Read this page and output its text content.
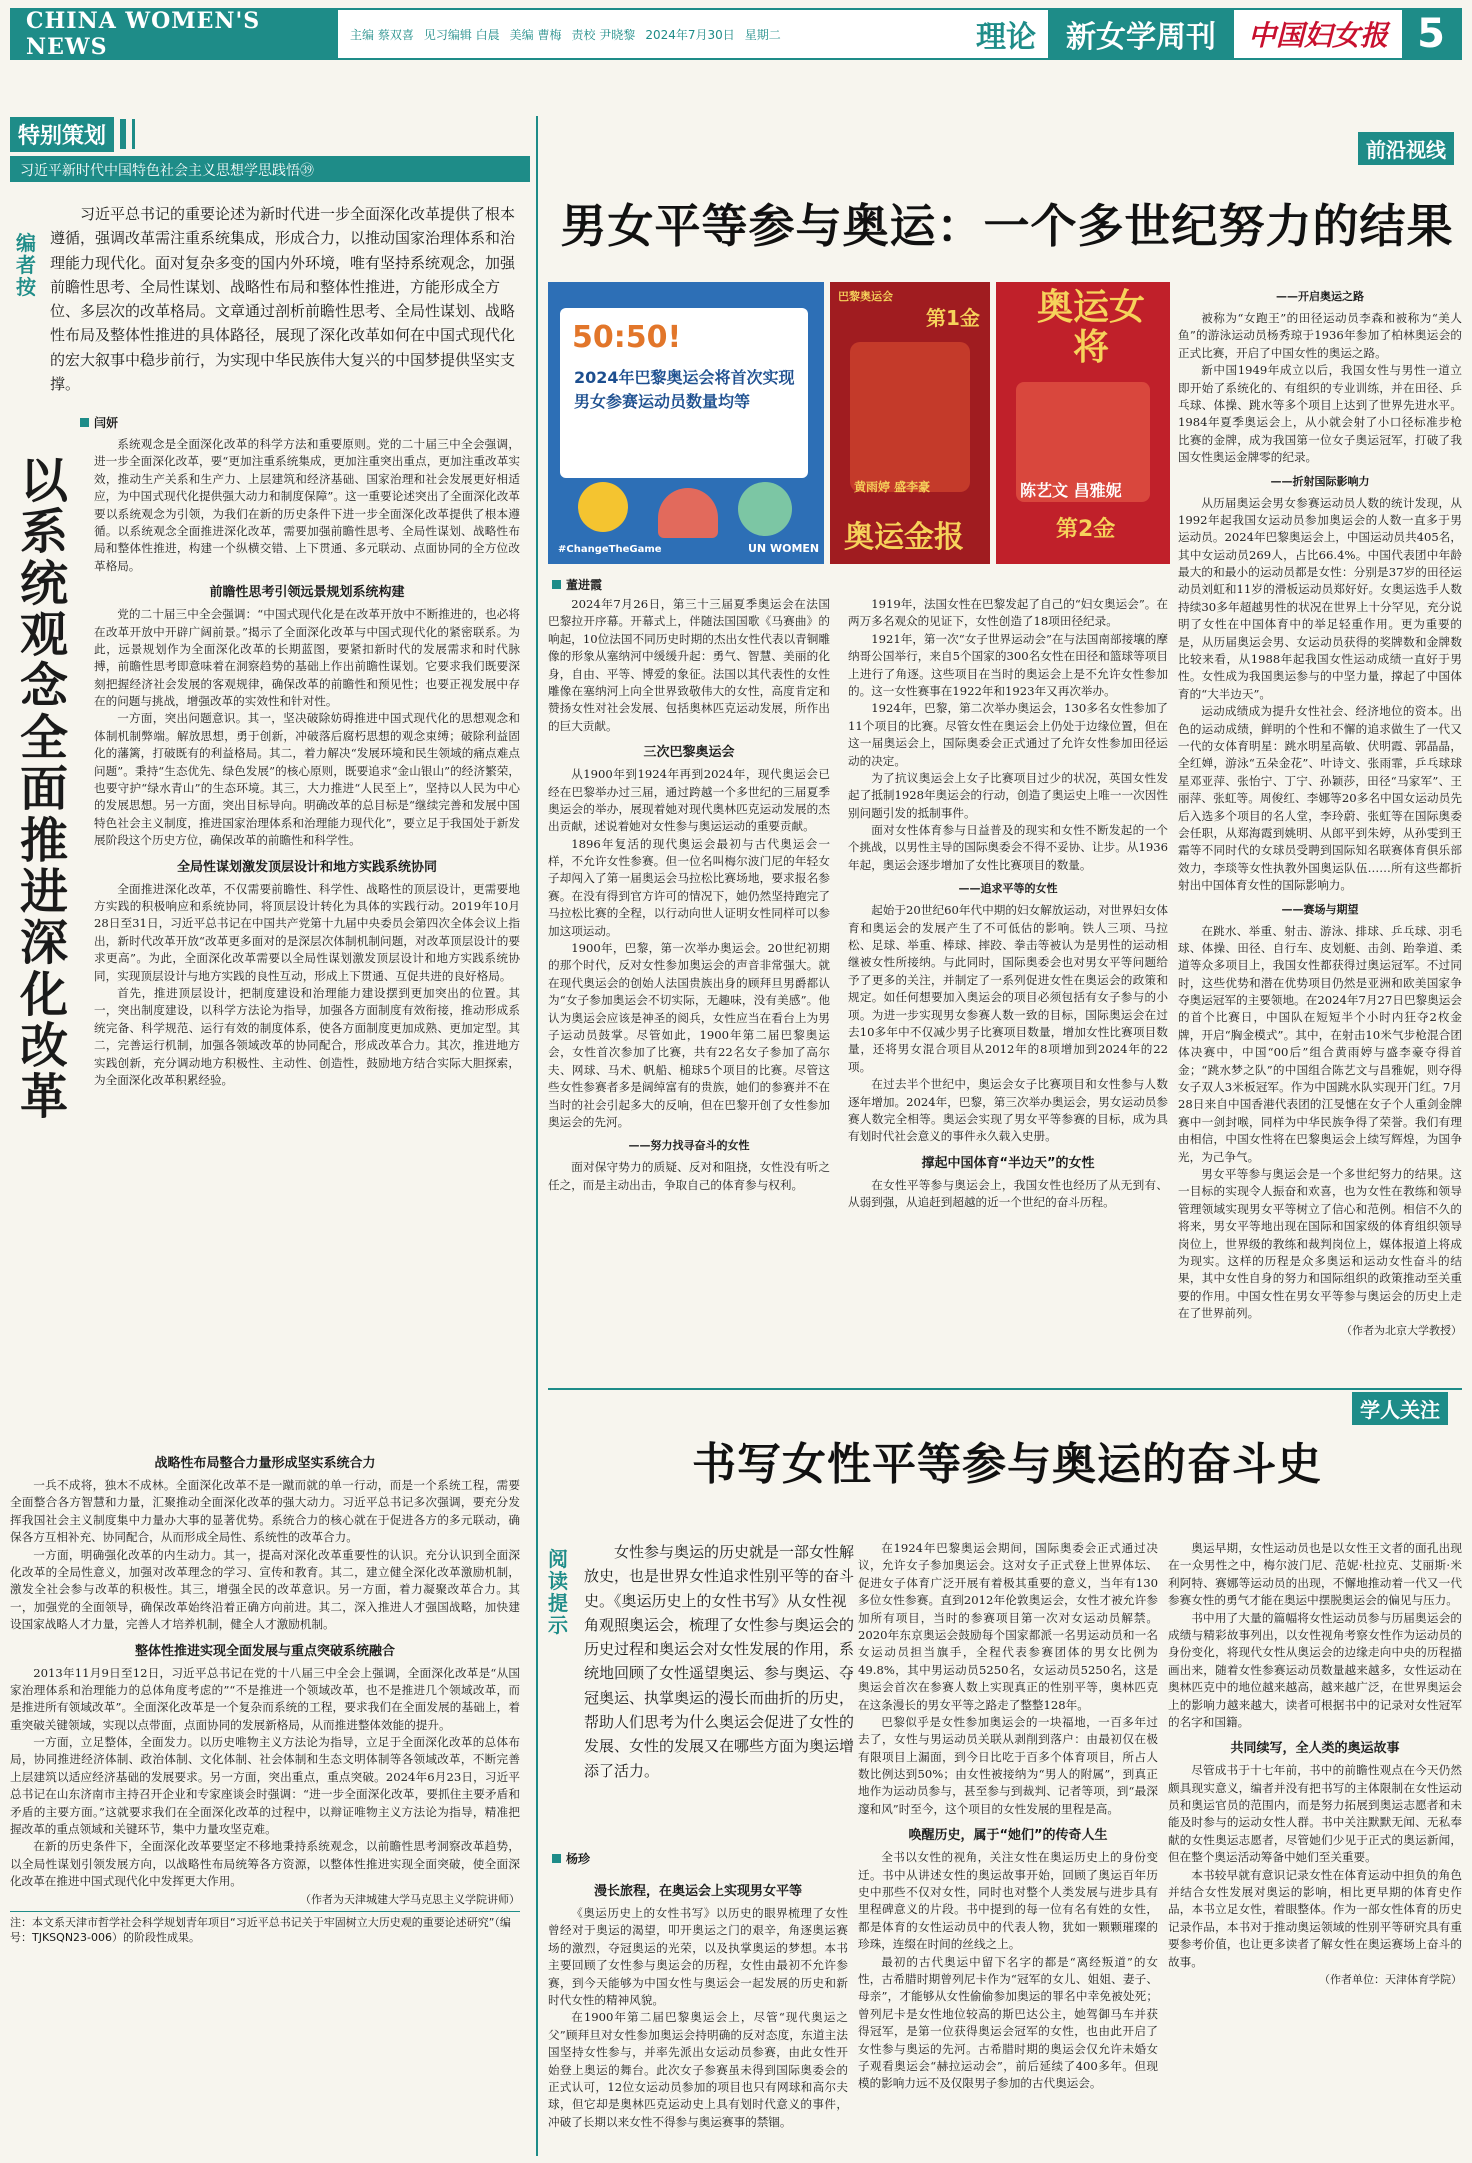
CHINA WOMEN'S NEWS	主编 蔡双喜 见习编辑 白晨 美编 曹梅 责校 尹晓黎 2024年7月30日 星期二	理论	新女学周刊	中国妇女报 5
特别策划
习近平新时代中国特色社会主义思想学思践悟㊴
编者按
习近平总书记的重要论述为新时代进一步全面深化改革提供了根本遵循，强调改革需注重系统集成，形成合力，以推动国家治理体系和治理能力现代化。面对复杂多变的国内外环境，唯有坚持系统观念，加强前瞻性思考、全局性谋划、战略性布局和整体性推进，方能形成全方位、多层次的改革格局。文章通过剖析前瞻性思考、全局性谋划、战略性布局及整体性推进的具体路径，展现了深化改革如何在中国式现代化的宏大叙事中稳步前行，为实现中华民族伟大复兴的中国梦提供坚实支撑。
闫妍
以系统观念全面推进深化改革

系统观念是全面深化改革的科学方法和重要原则。党的二十届三中全会强调，进一步全面深化改革，要“更加注重系统集成，更加注重突出重点，更加注重改革实效，推动生产关系和生产力、上层建筑和经济基础、国家治理和社会发展更好相适应，为中国式现代化提供强大动力和制度保障”。这一重要论述突出了全面深化改革要以系统观念为引领，为我们在新的历史条件下进一步全面深化改革提供了根本遵循。以系统观念全面推进深化改革，需要加强前瞻性思考、全局性谋划、战略性布局和整体性推进，构建一个纵横交错、上下贯通、多元联动、点面协同的全方位改革格局。

前瞻性思考引领远景规划系统构建

党的二十届三中全会强调：“中国式现代化是在改革开放中不断推进的，也必将在改革开放中开辟广阔前景。”揭示了全面深化改革与中国式现代化的紧密联系。为此，远景规划作为全面深化改革的长期蓝图，要紧扣新时代的发展需求和时代脉搏，前瞻性思考即意味着在洞察趋势的基础上作出前瞻性谋划。它要求我们既要深刻把握经济社会发展的客观规律，确保改革的前瞻性和预见性；也要正视发展中存在的问题与挑战，增强改革的实效性和针对性。

一方面，突出问题意识。其一，坚决破除妨碍推进中国式现代化的思想观念和体制机制弊端。解放思想，勇于创新，冲破落后腐朽思想的观念束缚；破除利益固化的藩篱，打破既有的利益格局。其二，着力解决“发展环境和民生领域的痛点难点问题”。秉持“生态优先、绿色发展”的核心原则，既要追求“金山银山”的经济繁荣，也要守护“绿水青山”的生态环境。其三，大力推进“人民至上”，坚持以人民为中心的发展思想。另一方面，突出目标导向。明确改革的总目标是“继续完善和发展中国特色社会主义制度，推进国家治理体系和治理能力现代化”，要立足于我国处于新发展阶段这个历史方位，确保改革的前瞻性和科学性。

全局性谋划激发顶层设计和地方实践系统协同

全面推进深化改革，不仅需要前瞻性、科学性、战略性的顶层设计，更需要地方实践的积极响应和系统协同，将顶层设计转化为具体的实践行动。2019年10月28日至31日，习近平总书记在中国共产党第十九届中央委员会第四次全体会议上指出，新时代改革开放“改革更多面对的是深层次体制机制问题，对改革顶层设计的要求更高”。为此，全面深化改革需要以全局性谋划激发顶层设计和地方实践系统协同，实现顶层设计与地方实践的良性互动，形成上下贯通、互促共进的良好格局。

首先，推进顶层设计，把制度建设和治理能力建设摆到更加突出的位置。其一，突出制度建设，以科学方法论为指导，加强各方面制度有效衔接，推动形成系统完备、科学规范、运行有效的制度体系，使各方面制度更加成熟、更加定型。其二，完善运行机制，加强各领域改革的协同配合，形成改革合力。其次，推进地方实践创新，充分调动地方积极性、主动性、创造性，鼓励地方结合实际大胆探索，为全面深化改革积累经验。

战略性布局整合力量形成坚实系统合力

一兵不成将，独木不成林。全面深化改革不是一蹴而就的单一行动，而是一个系统工程，需要全面整合各方智慧和力量，汇聚推动全面深化改革的强大动力。习近平总书记多次强调，要充分发挥我国社会主义制度集中力量办大事的显著优势。系统合力的核心就在于促进各方的多元联动，确保各方互相补充、协同配合，从而形成全局性、系统性的改革合力。

一方面，明确强化改革的内生动力。其一，提高对深化改革重要性的认识。充分认识到全面深化改革的全局性意义，加强对改革理念的学习、宣传和教育。其二，建立健全深化改革激励机制，激发全社会参与改革的积极性。其三，增强全民的改革意识。另一方面，着力凝聚改革合力。其一，加强党的全面领导，确保改革始终沿着正确方向前进。其二，深入推进人才强国战略，加快建设国家战略人才力量，完善人才培养机制，健全人才激励机制。

整体性推进实现全面发展与重点突破系统融合

2013年11月9日至12日，习近平总书记在党的十八届三中全会上强调，全面深化改革是“从国家治理体系和治理能力的总体角度考虑的”“不是推进一个领域改革，也不是推进几个领域改革，而是推进所有领域改革”。全面深化改革是一个复杂而系统的工程，要求我们在全面发展的基础上，着重突破关键领域，实现以点带面，点面协同的发展新格局，从而推进整体效能的提升。

一方面，立足整体，全面发力。以历史唯物主义方法论为指导，立足于全面深化改革的总体布局，协同推进经济体制、政治体制、文化体制、社会体制和生态文明体制等各领域改革，不断完善上层建筑以适应经济基础的发展要求。另一方面，突出重点，重点突破。2024年6月23日，习近平总书记在山东济南市主持召开企业和专家座谈会时强调：“进一步全面深化改革，要抓住主要矛盾和矛盾的主要方面。”这就要求我们在全面深化改革的过程中，以辩证唯物主义方法论为指导，精准把握改革的重点领域和关键环节，集中力量攻坚克难。

在新的历史条件下，全面深化改革要坚定不移地秉持系统观念，以前瞻性思考洞察改革趋势，以全局性谋划引领发展方向，以战略性布局统筹各方资源，以整体性推进实现全面突破，使全面深化改革在推进中国式现代化中发挥更大作用。

（作者为天津城建大学马克思主义学院讲师）
注：本文系天津市哲学社会科学规划青年项目“习近平总书记关于牢固树立大历史观的重要论述研究”（编号：TJKSQN23-006）的阶段性成果。
前沿视线
男女平等参与奥运：一个多世纪努力的结果
50:50!
2024年巴黎奥运会将首次实现男女参赛运动员数量均等
#ChangeTheGame	UN WOMEN
巴黎奥运会
第1金
黄雨婷 盛李豪
奥运金报
奥运女将
陈艺文 昌雅妮
第2金
董进霞

2024年7月26日，第三十三届夏季奥运会在法国巴黎拉开序幕。开幕式上，伴随法国国歌《马赛曲》的响起，10位法国不同历史时期的杰出女性代表以青铜雕像的形象从塞纳河中缓缓升起：勇气、智慧、美丽的化身，自由、平等、博爱的象征。法国以其代表性的女性雕像在塞纳河上向全世界致敬伟大的女性，高度肯定和赞扬女性对社会发展、包括奥林匹克运动发展，所作出的巨大贡献。

三次巴黎奥运会

从1900年到1924年再到2024年，现代奥运会已经在巴黎举办过三届，通过跨越一个多世纪的三届夏季奥运会的举办，展现着她对现代奥林匹克运动发展的杰出贡献，述说着她对女性参与奥运运动的重要贡献。

1896年复活的现代奥运会最初与古代奥运会一样，不允许女性参赛。但一位名叫梅尔波门尼的年轻女子却闯入了第一届奥运会马拉松比赛场地，要求报名参赛。在没有得到官方许可的情况下，她仍然坚持跑完了马拉松比赛的全程，以行动向世人证明女性同样可以参加这项运动。

1900年，巴黎，第一次举办奥运会。20世纪初期的那个时代，反对女性参加奥运会的声音非常强大。就在现代奥运会的创始人法国贵族出身的顾拜旦男爵都认为“女子参加奥运会不切实际，无趣味，没有美感”。他认为奥运会应该是神圣的阅兵，女性应当在看台上为男子运动员鼓掌。尽管如此，1900年第二届巴黎奥运会，女性首次参加了比赛，共有22名女子参加了高尔夫、网球、马术、帆船、槌球5个项目的比赛。尽管这些女性参赛者多是阔绰富有的贵族，她们的参赛并不在当时的社会引起多大的反响，但在巴黎开创了女性参加奥运会的先河。

——努力找寻奋斗的女性

面对保守势力的质疑、反对和阻挠，女性没有听之任之，而是主动出击，争取自己的体育参与权利。

1919年，法国女性在巴黎发起了自己的“妇女奥运会”。在两万多名观众的见证下，女性创造了18项田径纪录。

1921年，第一次“女子世界运动会”在与法国南部接壤的摩纳哥公国举行，来自5个国家的300名女性在田径和篮球等项目上进行了角逐。这些项目在当时的奥运会上是不允许女性参加的。这一女性赛事在1922年和1923年又再次举办。

1924年，巴黎，第二次举办奥运会，130多名女性参加了11个项目的比赛。尽管女性在奥运会上仍处于边缘位置，但在这一届奥运会上，国际奥委会正式通过了允许女性参加田径运动的决定。

为了抗议奥运会上女子比赛项目过少的状况，英国女性发起了抵制1928年奥运会的行动，创造了奥运史上唯一一次因性别问题引发的抵制事件。

面对女性体育参与日益普及的现实和女性不断发起的一个个挑战，以男性主导的国际奥委会不得不妥协、让步。从1936年起，奥运会逐步增加了女性比赛项目的数量。

——追求平等的女性

起始于20世纪60年代中期的妇女解放运动，对世界妇女体育和奥运会的发展产生了不可低估的影响。铁人三项、马拉松、足球、举重、棒球、摔跤、拳击等被认为是男性的运动相继被女性所接纳。与此同时，国际奥委会也对男女平等问题给予了更多的关注，并制定了一系列促进女性在奥运会的政策和规定。如任何想要加入奥运会的项目必须包括有女子参与的小项。为进一步实现男女参赛人数一致的目标，国际奥运会在过去10多年中不仅减少男子比赛项目数量，增加女性比赛项目数量，还将男女混合项目从2012年的8项增加到2024年的22项。

在过去半个世纪中，奥运会女子比赛项目和女性参与人数逐年增加。2024年，巴黎，第三次举办奥运会，男女运动员参赛人数完全相等。奥运会实现了男女平等参赛的目标，成为具有划时代社会意义的事件永久载入史册。

撑起中国体育“半边天”的女性

在女性平等参与奥运会上，我国女性也经历了从无到有、从弱到强，从追赶到超越的近一个世纪的奋斗历程。

——开启奥运之路

被称为“女跑王”的田径运动员李森和被称为“美人鱼”的游泳运动员杨秀琼于1936年参加了柏林奥运会的正式比赛，开启了中国女性的奥运之路。

新中国1949年成立以后，我国女性与男性一道立即开始了系统化的、有组织的专业训练，并在田径、乒乓球、体操、跳水等多个项目上达到了世界先进水平。1984年夏季奥运会上，从小就会射了小口径标准步枪比赛的金牌，成为我国第一位女子奥运冠军，打破了我国女性奥运金牌零的纪录。

——折射国际影响力

从历届奥运会男女参赛运动员人数的统计发现，从1992年起我国女运动员参加奥运会的人数一直多于男运动员。2024年巴黎奥运会上，中国运动员共405名，其中女运动员269人，占比66.4%。中国代表团中年龄最大的和最小的运动员都是女性：分别是37岁的田径运动员刘虹和11岁的滑板运动员郑好好。女奥运选手人数持续30多年超越男性的状况在世界上十分罕见，充分说明了女性在中国体育中的举足轻重作用。更为重要的是，从历届奥运会男、女运动员获得的奖牌数和金牌数比较来看，从1988年起我国女性运动成绩一直好于男性。女性成为我国奥运参与的中坚力量，撑起了中国体育的“大半边天”。

运动成绩成为提升女性社会、经济地位的资本。出色的运动成绩，鲜明的个性和不懈的追求做生了一代又一代的女体育明星：跳水明星高敏、伏明霞、郭晶晶，全红婵，游泳“五朵金花”、叶诗文、张雨霏，乒乓球球星邓亚萍、张怡宁、丁宁、孙颖莎，田径“马家军”、王丽萍、张虹等。周俊红、李娜等20多名中国女运动员先后入选多个项目的名人堂，李玲蔚、张虹等在国际奥委会任职，从郑海霞到姚明、从郎平到朱婷，从孙雯到王霜等不同时代的女球员受聘到国际知名联赛体育俱乐部效力，李琰等女性执教外国奥运队伍……所有这些都折射出中国体育女性的国际影响力。

——赛场与期望

在跳水、举重、射击、游泳、排球、乒乓球、羽毛球、体操、田径、自行车、皮划艇、击剑、跆拳道、柔道等众多项目上，我国女性都获得过奥运冠军。不过同时，这些优势和潜在优势项目仍然是亚洲和欧美国家争夺奥运冠军的主要领地。在2024年7月27日巴黎奥运会的首个比赛日，中国队在短短半个小时内狂夺2枚金牌，开启“胸金模式”。其中，在射击10米气步枪混合团体决赛中，中国“00后”组合黄雨婷与盛李豪夺得首金；“跳水梦之队”的中国组合陈艺文与昌雅妮，则夺得女子双人3米板冠军。作为中国跳水队实现开门红。7月28日来自中国香港代表团的江旻憓在女子个人重剑金牌赛中一剑封喉，同样为中华民族争得了荣誉。我们有理由相信，中国女性将在巴黎奥运会上续写辉煌，为国争光，为己争气。

男女平等参与奥运会是一个多世纪努力的结果。这一目标的实现令人振奋和欢喜，也为女性在教练和领导管理领域实现男女平等树立了信心和范例。相信不久的将来，男女平等地出现在国际和国家级的体育组织领导岗位上，世界级的教练和裁判岗位上，媒体报道上将成为现实。这样的历程是众多奥运和运动女性奋斗的结果，其中女性自身的努力和国际组织的政策推动至关重要的作用。中国女性在男女平等参与奥运会的历史上走在了世界前列。

（作者为北京大学教授）
学人关注
书写女性平等参与奥运的奋斗史
阅读提示
女性参与奥运的历史就是一部女性解放史，也是世界女性追求性别平等的奋斗史。《奥运历史上的女性书写》从女性视角观照奥运会，梳理了女性参与奥运会的历史过程和奥运会对女性发展的作用，系统地回顾了女性遥望奥运、参与奥运、夺冠奥运、执掌奥运的漫长而曲折的历史，帮助人们思考为什么奥运会促进了女性的发展、女性的发展又在哪些方面为奥运增添了活力。
杨珍
漫长旅程，在奥运会上实现男女平等

《奥运历史上的女性书写》以历史的眼界梳理了女性曾经对于奥运的渴望，叩开奥运之门的艰辛，角逐奥运赛场的激烈，夺冠奥运的光荣，以及执掌奥运的梦想。本书主要回顾了女性参与奥运会的历程，女性由最初不允许参赛，到今天能够为中国女性与奥运会一起发展的历史和新时代女性的精神风貌。

在1900年第二届巴黎奥运会上，尽管“现代奥运之父”顾拜旦对女性参加奥运会持明确的反对态度，东道主法国坚持女性参与，并率先派出女运动员参赛，由此女性开始登上奥运的舞台。此次女子参赛虽未得到国际奥委会的正式认可，12位女运动员参加的项目也只有网球和高尔夫球，但它却是奥林匹克运动史上具有划时代意义的事件，冲破了长期以来女性不得参与奥运赛事的禁锢。

在1924年巴黎奥运会期间，国际奥委会正式通过决议，允许女子参加奥运会。这对女子正式登上世界体坛、促进女子体育广泛开展有着极其重要的意义，当年有130多位女性参赛。直到2012年伦敦奥运会，女性才被允许参加所有项目，当时的参赛项目第一次对女运动员解禁。2020年东京奥运会鼓励每个国家都派一名男运动员和一名女运动员担当旗手，全程代表参赛团体的男女比例为49.8%，其中男运动员5250名，女运动员5250名，这是奥运会首次在参赛人数上实现真正的性别平等，奥林匹克在这条漫长的男女平等之路走了整整128年。

巴黎似乎是女性参加奥运会的一块福地，一百多年过去了，女性与男运动员关联从剥削到落户：由最初仅在极有限项目上漏面，到今日比吃于百多个体育项目，所占人数比例达到50%；由女性被接纳为“男人的附属”，到真正地作为运动员参与，甚至参与到裁判、记者等项，到“最深邃和风”时至今，这个项目的女性发展的里程是高。

唤醒历史，属于“她们”的传奇人生

全书以女性的视角，关注女性在奥运历史上的身份变迁。书中从讲述女性的奥运故事开始，回顾了奥运百年历史中那些不仅对女性，同时也对整个人类发展与进步具有里程碑意义的片段。书中提到的每一位有名有姓的女性，都是体育的女性运动员中的代表人物，犹如一颗颗璀璨的珍珠，连缀在时间的丝线之上。

最初的古代奥运中留下名字的都是“离经叛道”的女性，古希腊时期曾列尼卡作为“冠军的女儿、姐姐、妻子、母亲”，才能够从女性偷偷参加奥运的罪名中幸免被处死；曾列尼卡是女性地位较高的斯巴达公主，她驾御马车并获得冠军，是第一位获得奥运会冠军的女性，也由此开启了女性参与奥运的先河。古希腊时期的奥运会仅允许未婚女子观看奥运会“赫拉运动会”，前后延续了400多年。但现模的影响力远不及仅限男子参加的古代奥运会。

奥运早期，女性运动员也是以女性王文者的面孔出现在一众男性之中，梅尔波门尼、范妮·杜拉克、艾丽斯·米利阿特、赛娜等运动员的出现，不懈地推动着一代又一代参赛女性的勇气才能在奥运中摆脱奥运会的偏见与压力。

书中用了大量的篇幅将女性运动员参与历届奥运会的成绩与精彩故事列出，以女性视角考察女性作为运动员的身份变化，将现代女性从奥运会的边缘走向中央的历程描画出来，随着女性参赛运动员数量越来越多，女性运动在奥林匹克中的地位越来越高，越来越广泛，在世界奥运会上的影响力越来越大，读者可根据书中的记录对女性冠军的名字和国籍。

共同续写，全人类的奥运故事

尽管成书于十七年前，书中的前瞻性观点在今天仍然颇具现实意义，编者并没有把书写的主体限制在女性运动员和奥运官员的范围内，而是努力拓展到奥运志愿者和未能及时参与的运动女性人群。书中关注默默无闻、无私奉献的女性奥运志愿者，尽管她们少见于正式的奥运新闻，但在整个奥运活动筹备中她们至关重要。

本书较早就有意识记录女性在体育运动中担负的角色并结合女性发展对奥运的影响，相比更早期的体育史作品，本书立足女性，着眼整体。作为一部女性体育的历史记录作品，本书对于推动奥运领域的性别平等研究具有重要参考价值，也让更多读者了解女性在奥运赛场上奋斗的故事。

（作者单位：天津体育学院）
